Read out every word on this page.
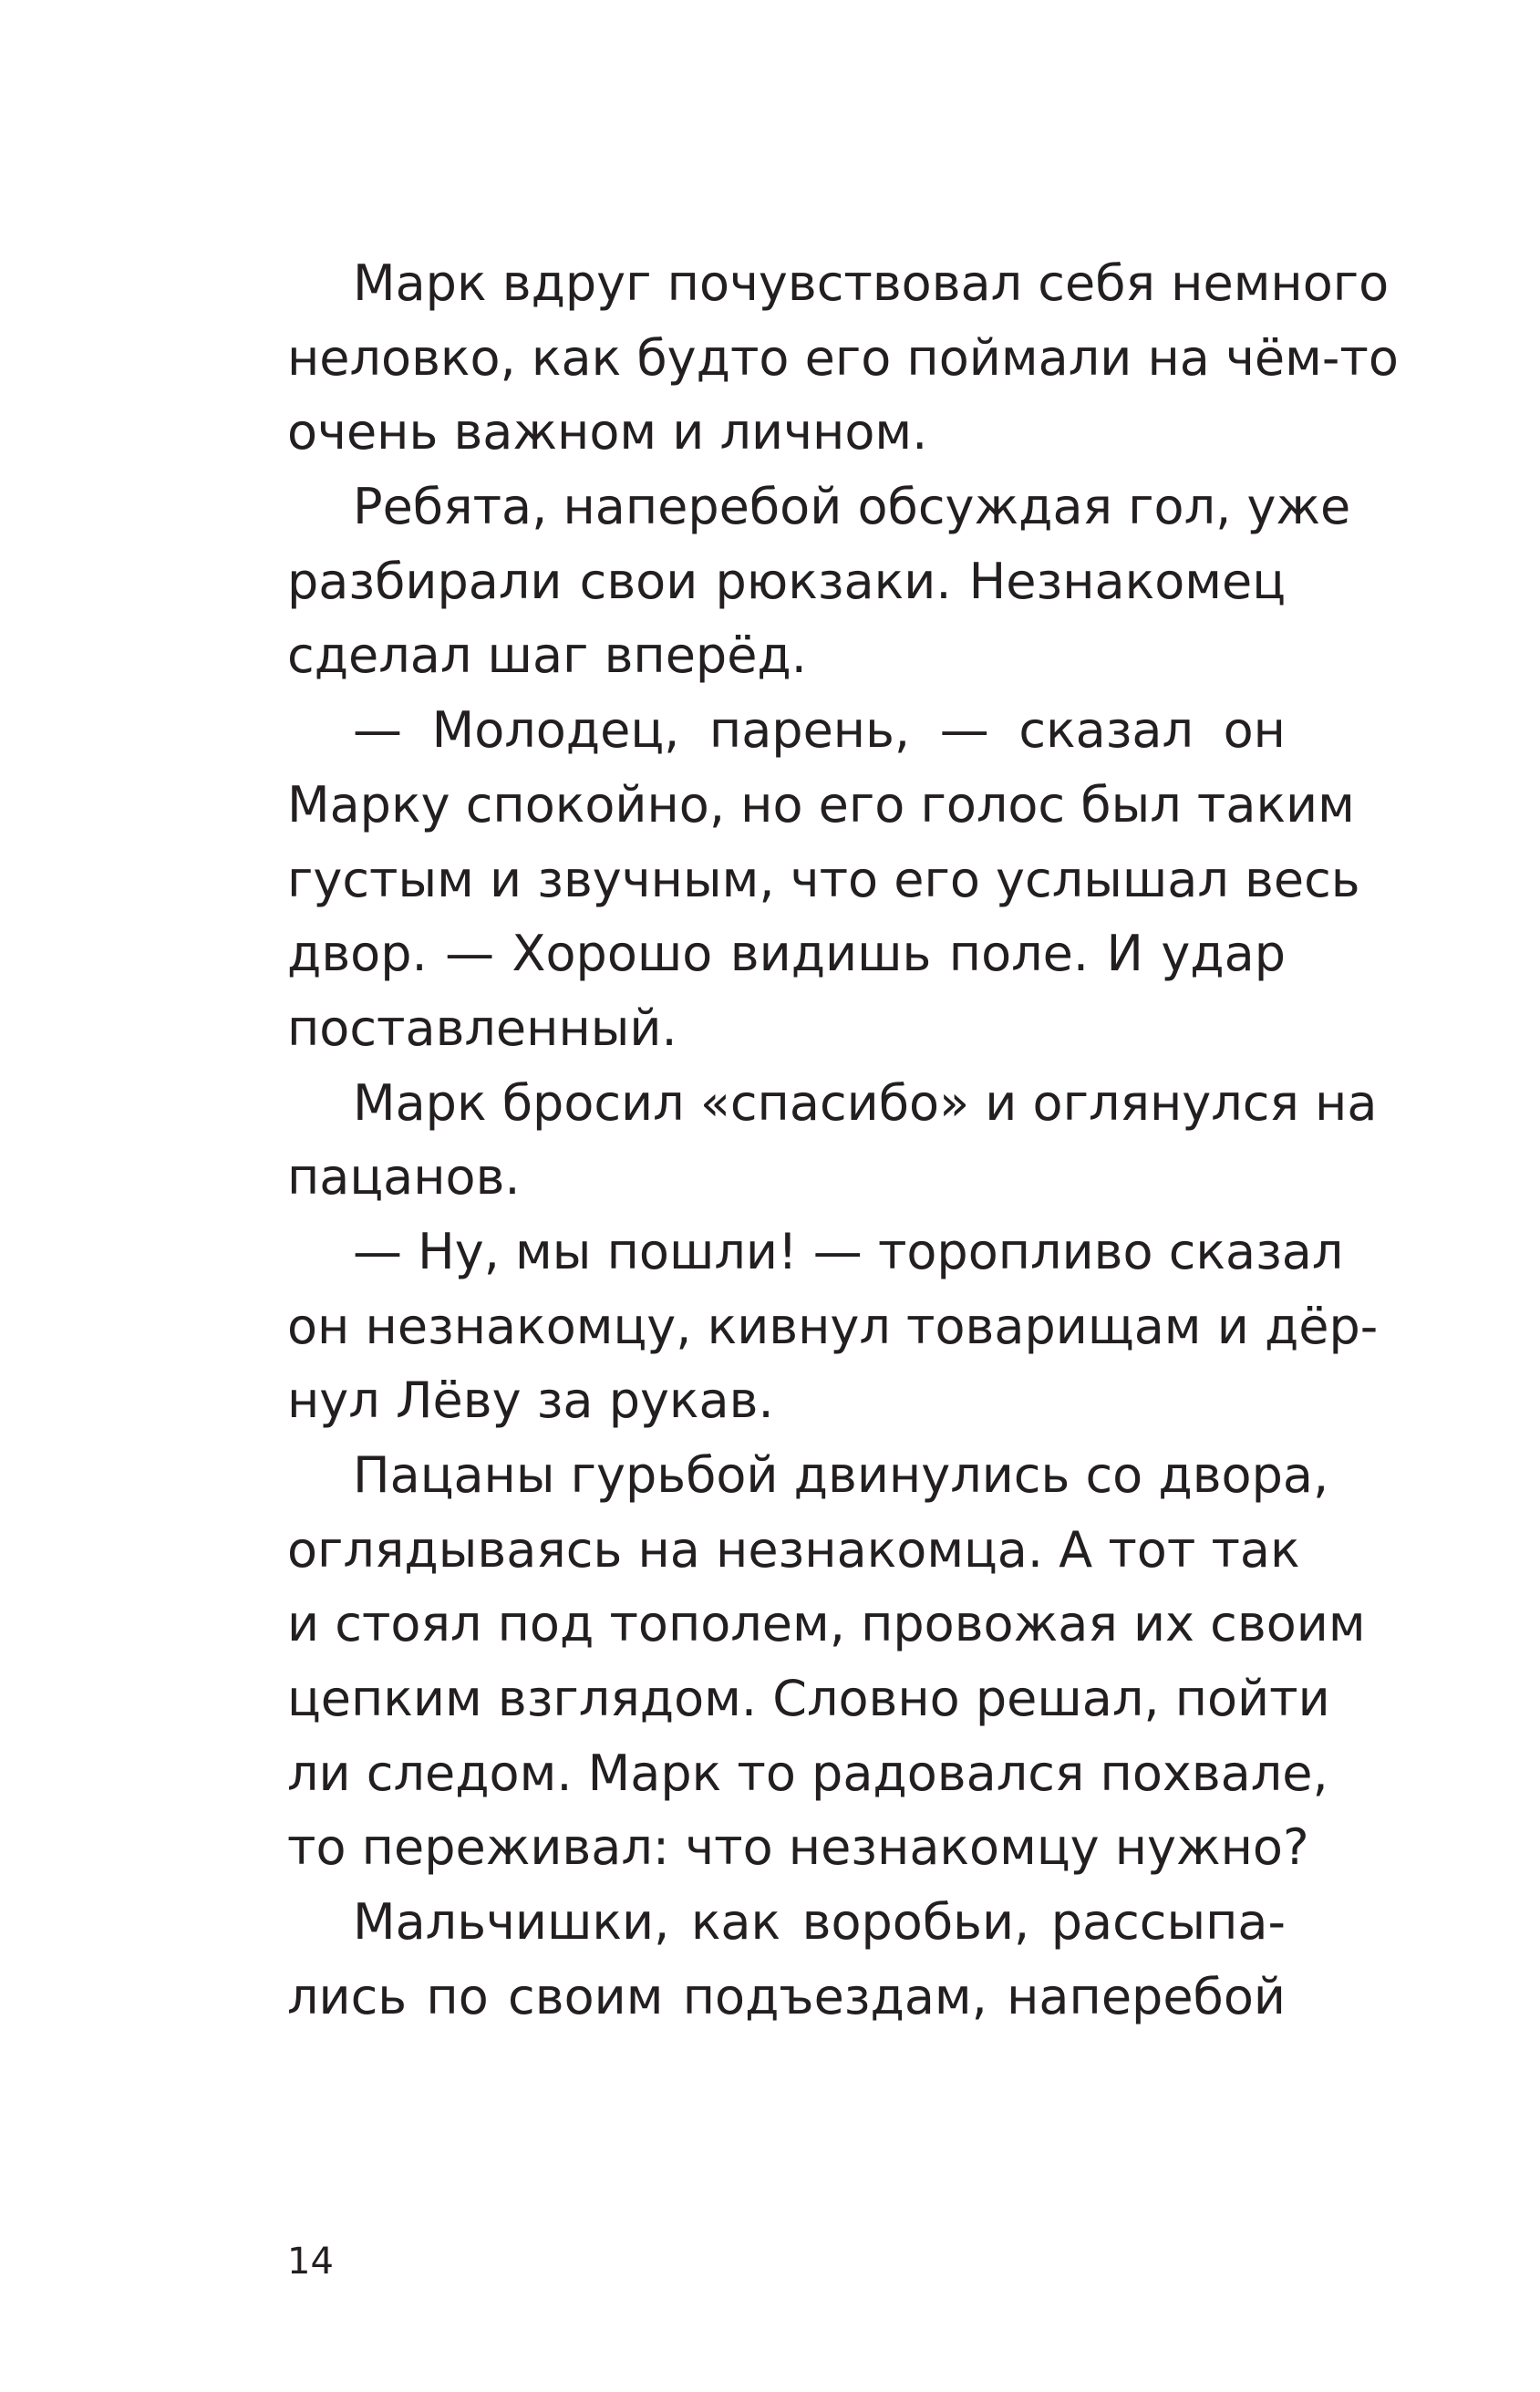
Марк вдруг почувствовал себя немного
неловко, как будто его поймали на чём-то
очень важном и личном.
Ребята, наперебой обсуждая гол, уже
разбирали свои рюкзаки. Незнакомец
сделал шаг вперёд.
— Молодец, парень, — сказал он
Марку спокойно, но его голос был таким
густым и звучным, что его услышал весь
двор. — Хорошо видишь поле. И удар
поставленный.
Марк бросил «спасибо» и оглянулся на
пацанов.
— Ну, мы пошли! — торопливо сказал
он незнакомцу, кивнул товарищам и дёр-
нул Лёву за рукав.
Пацаны гурьбой двинулись со двора,
оглядываясь на незнакомца. А тот так
и стоял под тополем, провожая их своим
цепким взглядом. Словно решал, пойти
ли следом. Марк то радовался похвале,
то переживал: что незнакомцу нужно?
Мальчишки, как воробьи, рассыпа-
лись по своим подъездам, наперебой
14
